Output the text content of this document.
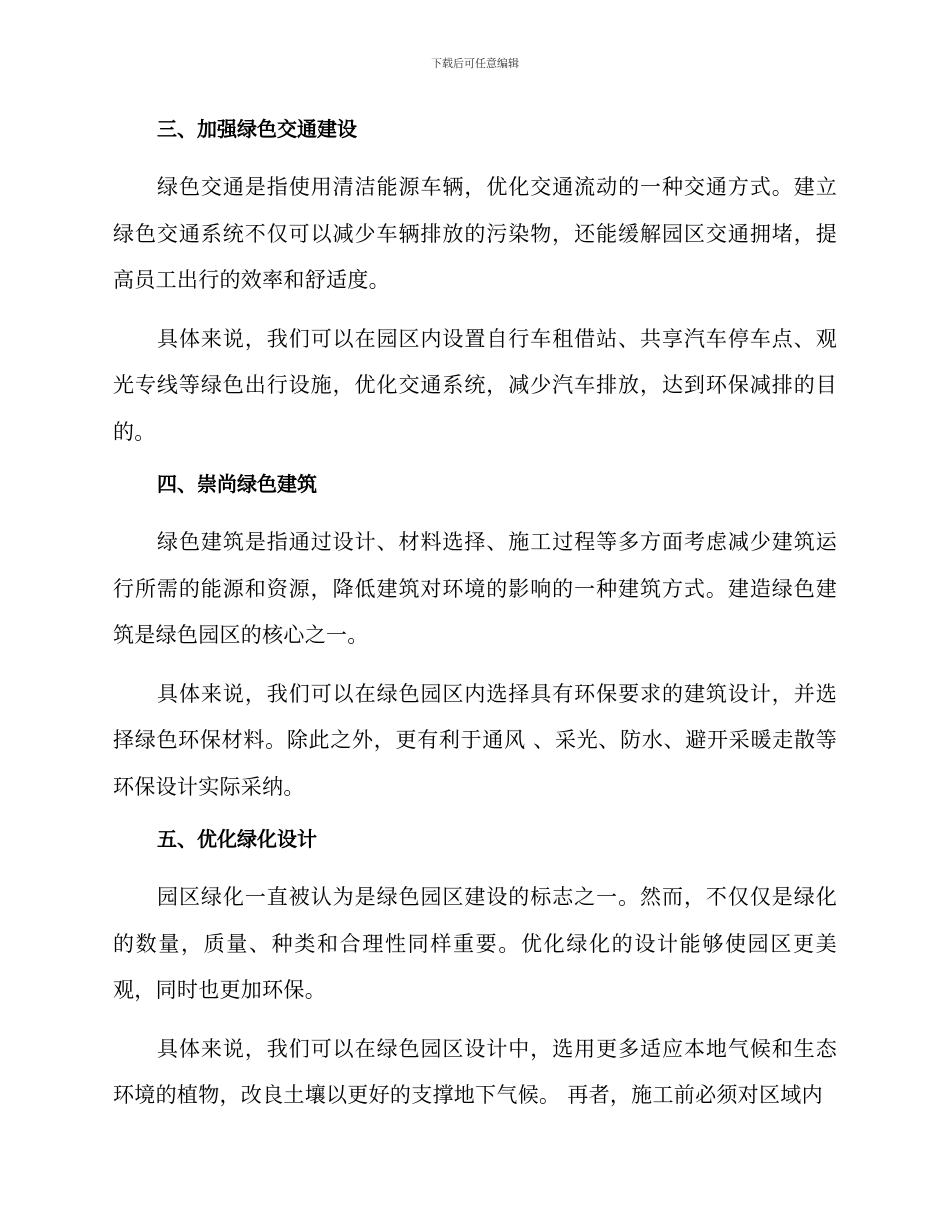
下载后可任意编辑
三、加强绿色交通建设

绿色交通是指使用清洁能源车辆，优化交通流动的一种交通方式。建立绿色交通系统不仅可以减少车辆排放的污染物，还能缓解园区交通拥堵，提高员工出行的效率和舒适度。

具体来说，我们可以在园区内设置自行车租借站、共享汽车停车点、观光专线等绿色出行设施，优化交通系统，减少汽车排放，达到环保减排的目的。

四、崇尚绿色建筑

绿色建筑是指通过设计、材料选择、施工过程等多方面考虑减少建筑运行所需的能源和资源，降低建筑对环境的影响的一种建筑方式。建造绿色建筑是绿色园区的核心之一。

具体来说，我们可以在绿色园区内选择具有环保要求的建筑设计，并选择绿色环保材料。除此之外，更有利于通风 、采光、防水、避开采暖走散等环保设计实际采纳。

五、优化绿化设计

园区绿化一直被认为是绿色园区建设的标志之一。然而，不仅仅是绿化的数量，质量、种类和合理性同样重要。优化绿化的设计能够使园区更美观，同时也更加环保。

具体来说，我们可以在绿色园区设计中，选用更多适应本地气候和生态环境的植物，改良土壤以更好的支撑地下气候。 再者，施工前必须对区域内
